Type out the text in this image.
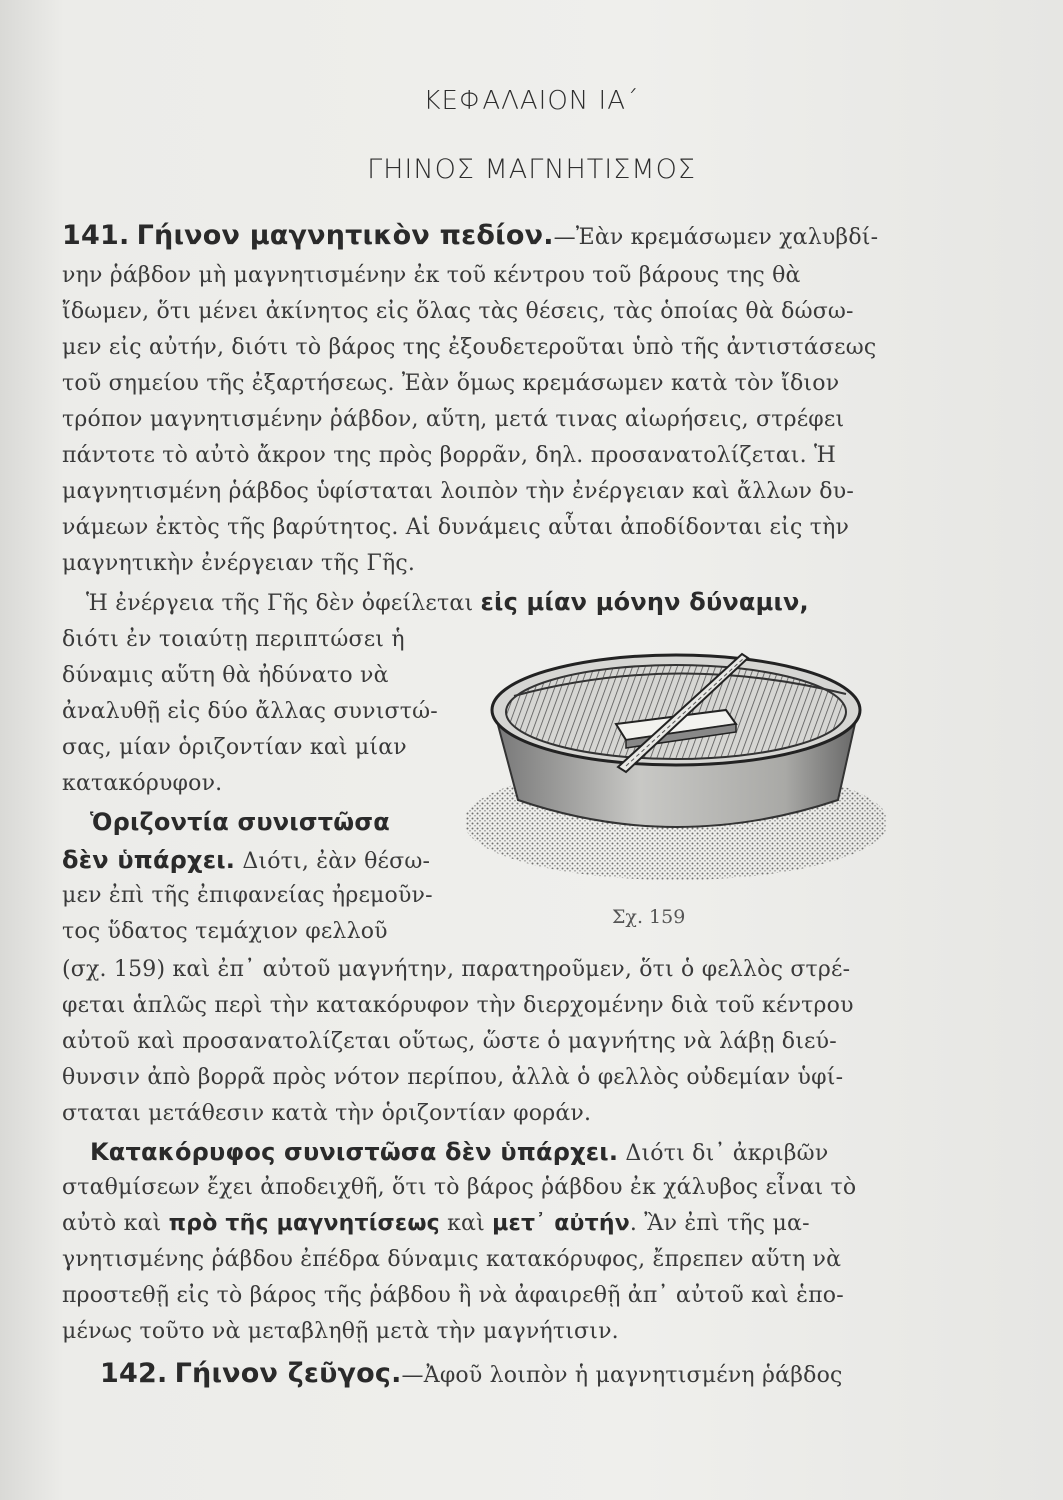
ΚΕΦΑΛΑΙΟΝ ΙΑ΄
ΓΗΙΝΟΣ ΜΑΓΝΗΤΙΣΜΟΣ
141. Γήινον μαγνητικὸν πεδίον.—Ἐὰν κρεμάσωμεν χαλυβδί-
νην ῥάβδον μὴ μαγνητισμένην ἐκ τοῦ κέντρου τοῦ βάρους της θὰ
ἴδωμεν, ὅτι μένει ἀκίνητος εἰς ὅλας τὰς θέσεις, τὰς ὁποίας θὰ δώσω-
μεν εἰς αὐτήν, διότι τὸ βάρος της ἐξουδετεροῦται ὑπὸ τῆς ἀντιστάσεως
τοῦ σημείου τῆς ἐξαρτήσεως. Ἐὰν ὅμως κρεμάσωμεν κατὰ τὸν ἴδιον
τρόπον μαγνητισμένην ῥάβδον, αὕτη, μετά τινας αἰωρήσεις, στρέφει
πάντοτε τὸ αὐτὸ ἄκρον της πρὸς βορρᾶν, δηλ. προσανατολίζεται. Ἡ
μαγνητισμένη ῥάβδος ὑφίσταται λοιπὸν τὴν ἐνέργειαν καὶ ἄλλων δυ-
νάμεων ἐκτὸς τῆς βαρύτητος. Αἱ δυνάμεις αὗται ἀποδίδονται εἰς τὴν
μαγνητικὴν ἐνέργειαν τῆς Γῆς.
Ἡ ἐνέργεια τῆς Γῆς δὲν ὀφείλεται εἰς μίαν μόνην δύναμιν,
διότι ἐν τοιαύτῃ περιπτώσει ἡ
δύναμις αὕτη θὰ ἠδύνατο νὰ
ἀναλυθῇ εἰς δύο ἄλλας συνιστώ-
σας, μίαν ὁριζοντίαν καὶ μίαν
κατακόρυφον.
Ὁριζοντία συνιστῶσα
δὲν ὑπάρχει. Διότι, ἐὰν θέσω-
μεν ἐπὶ τῆς ἐπιφανείας ἠρεμοῦν-
τος ὕδατος τεμάχιον φελλοῦ
Σχ. 159
(σχ. 159) καὶ ἐπ᾽ αὐτοῦ μαγνήτην, παρατηροῦμεν, ὅτι ὁ φελλὸς στρέ-
φεται ἁπλῶς περὶ τὴν κατακόρυφον τὴν διερχομένην διὰ τοῦ κέντρου
αὐτοῦ καὶ προσανατολίζεται οὕτως, ὥστε ὁ μαγνήτης νὰ λάβῃ διεύ-
θυνσιν ἀπὸ βορρᾶ πρὸς νότον περίπου, ἀλλὰ ὁ φελλὸς οὐδεμίαν ὑφί-
σταται μετάθεσιν κατὰ τὴν ὁριζοντίαν φοράν.
Κατακόρυφος συνιστῶσα δὲν ὑπάρχει. Διότι δι᾽ ἀκριβῶν
σταθμίσεων ἔχει ἀποδειχθῆ, ὅτι τὸ βάρος ῥάβδου ἐκ χάλυβος εἶναι τὸ
αὐτὸ καὶ πρὸ τῆς μαγνητίσεως καὶ μετ᾽ αὐτήν. Ἂν ἐπὶ τῆς μα-
γνητισμένης ῥάβδου ἐπέδρα δύναμις κατακόρυφος, ἔπρεπεν αὕτη νὰ
προστεθῇ εἰς τὸ βάρος τῆς ῥάβδου ἢ νὰ ἀφαιρεθῇ ἀπ᾽ αὐτοῦ καὶ ἑπο-
μένως τοῦτο νὰ μεταβληθῇ μετὰ τὴν μαγνήτισιν.
142. Γήινον ζεῦγος.—Ἀφοῦ λοιπὸν ἡ μαγνητισμένη ῥάβδος
